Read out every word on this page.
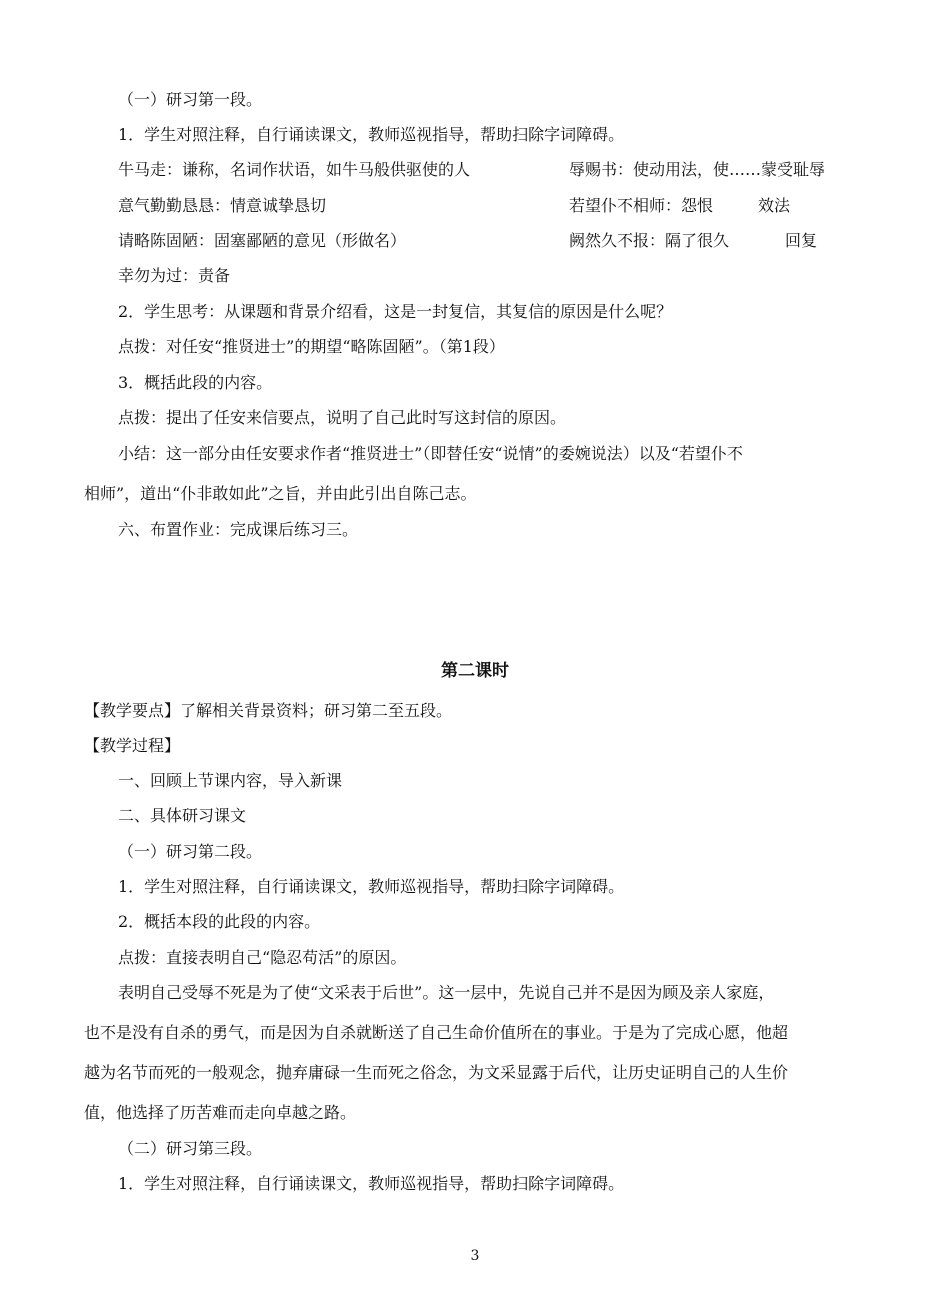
（一）研习第一段。
1．学生对照注释，自行诵读课文，教师巡视指导，帮助扫除字词障碍。
牛马走：谦称，名词作状语，如牛马般供驱使的人	辱赐书：使动用法，使……蒙受耻辱
意气勤勤恳恳：情意诚挚恳切	若望仆不相师：怨恨	效法
请略陈固陋：固塞鄙陋的意见（形做名）	阙然久不报：隔了很久	回复
幸勿为过：责备
2．学生思考：从课题和背景介绍看，这是一封复信，其复信的原因是什么呢？
点拨：对任安“推贤进士”的期望“略陈固陋”。（第1段）
3．概括此段的内容。
点拨：提出了任安来信要点，说明了自己此时写这封信的原因。
小结：这一部分由任安要求作者“推贤进士”（即替任安“说情”的委婉说法）以及“若望仆不
相师”，道出“仆非敢如此”之旨，并由此引出自陈己志。
六、布置作业：完成课后练习三。
第二课时
【教学要点】了解相关背景资料；研习第二至五段。
【教学过程】
一、回顾上节课内容，导入新课
二、具体研习课文
（一）研习第二段。
1．学生对照注释，自行诵读课文，教师巡视指导，帮助扫除字词障碍。
2．概括本段的此段的内容。
点拨：直接表明自己“隐忍苟活”的原因。
表明自己受辱不死是为了使“文采表于后世”。这一层中，先说自己并不是因为顾及亲人家庭，
也不是没有自杀的勇气，而是因为自杀就断送了自己生命价值所在的事业。于是为了完成心愿，他超
越为名节而死的一般观念，抛弃庸碌一生而死之俗念，为文采显露于后代，让历史证明自己的人生价
值，他选择了历苦难而走向卓越之路。
（二）研习第三段。
1．学生对照注释，自行诵读课文，教师巡视指导，帮助扫除字词障碍。
3
